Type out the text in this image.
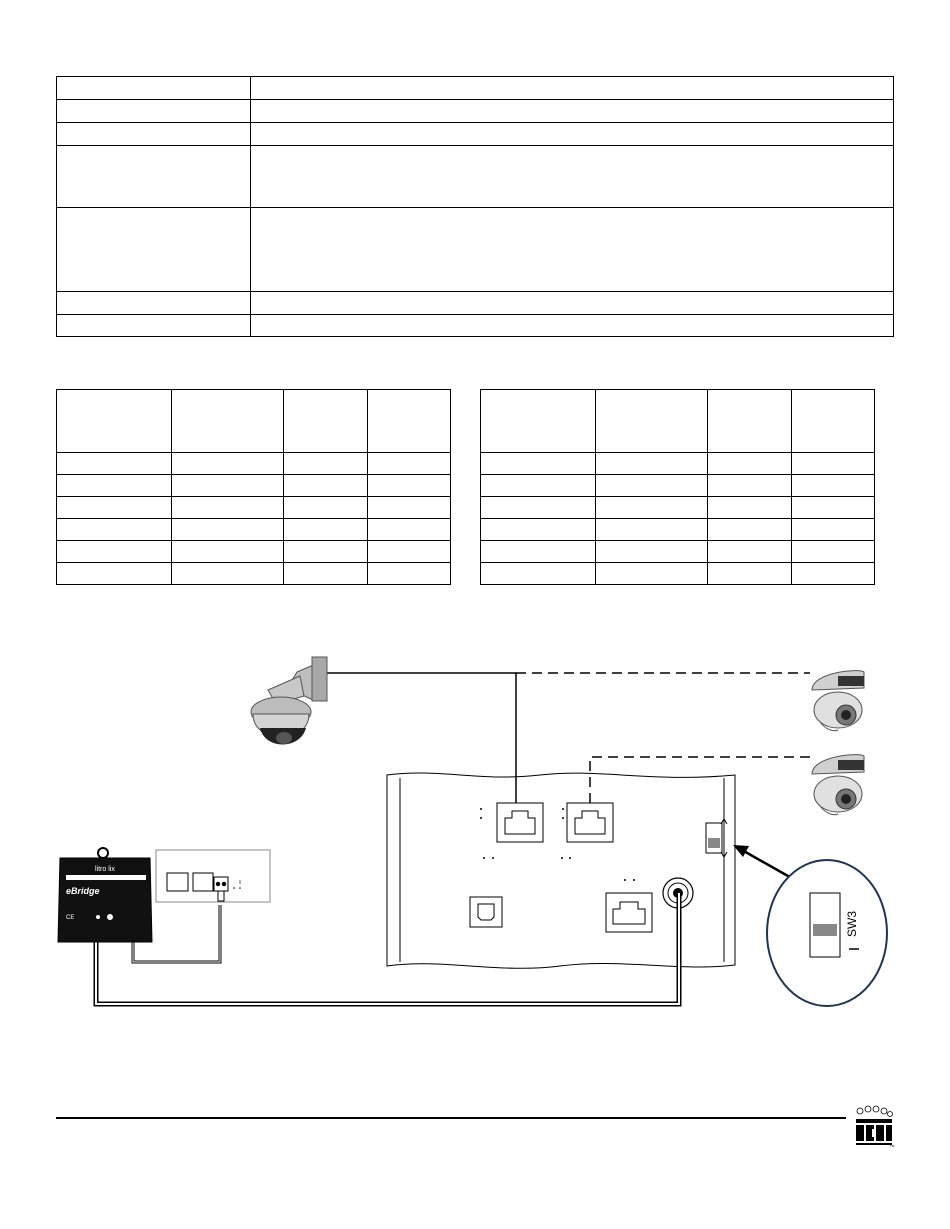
litro lix
eBridge
CE	SW3
TM
